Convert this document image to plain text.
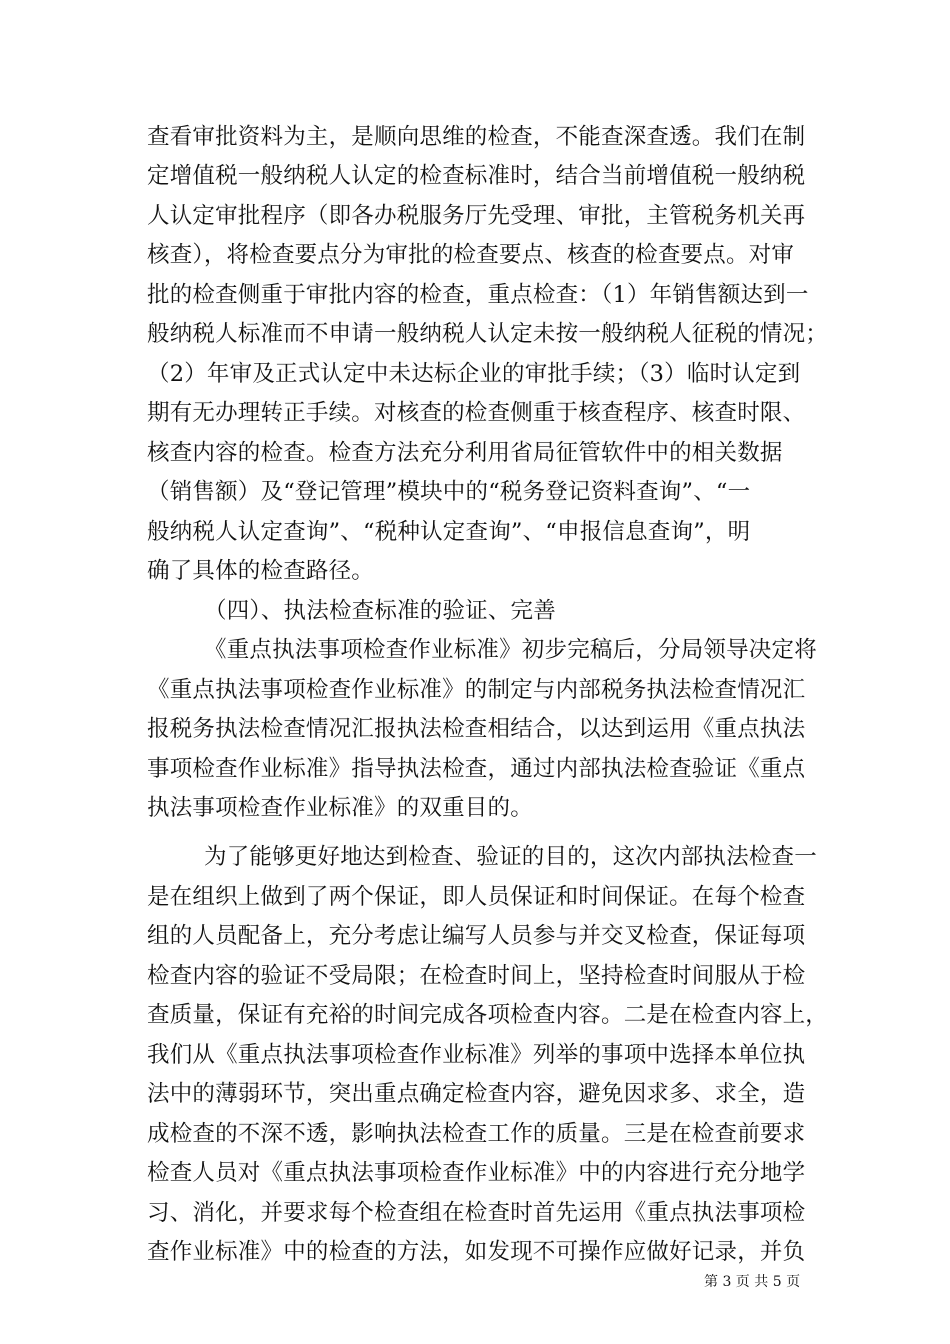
查看审批资料为主，是顺向思维的检查，不能查深查透。我们在制
定增值税一般纳税人认定的检查标准时，结合当前增值税一般纳税
人认定审批程序（即各办税服务厅先受理、审批，主管税务机关再
核查），将检查要点分为审批的检查要点、核查的检查要点。对审
批的检查侧重于审批内容的检查，重点检查：（1）年销售额达到一
般纳税人标准而不申请一般纳税人认定未按一般纳税人征税的情况；
（2）年审及正式认定中未达标企业的审批手续；（3）临时认定到
期有无办理转正手续。对核查的检查侧重于核查程序、核查时限、
核查内容的检查。检查方法充分利用省局征管软件中的相关数据
（销售额）及“登记管理”模块中的“税务登记资料查询”、“一
般纳税人认定查询”、“税种认定查询”、“申报信息查询”，明
确了具体的检查路径。
（四）、执法检查标准的验证、完善
《重点执法事项检查作业标准》初步完稿后，分局领导决定将
《重点执法事项检查作业标准》的制定与内部税务执法检查情况汇
报税务执法检查情况汇报执法检查相结合，以达到运用《重点执法
事项检查作业标准》指导执法检查，通过内部执法检查验证《重点
执法事项检查作业标准》的双重目的。
为了能够更好地达到检查、验证的目的，这次内部执法检查一
是在组织上做到了两个保证，即人员保证和时间保证。在每个检查
组的人员配备上，充分考虑让编写人员参与并交叉检查，保证每项
检查内容的验证不受局限；在检查时间上，坚持检查时间服从于检
查质量，保证有充裕的时间完成各项检查内容。二是在检查内容上，
我们从《重点执法事项检查作业标准》列举的事项中选择本单位执
法中的薄弱环节，突出重点确定检查内容，避免因求多、求全，造
成检查的不深不透，影响执法检查工作的质量。三是在检查前要求
检查人员对《重点执法事项检查作业标准》中的内容进行充分地学
习、消化，并要求每个检查组在检查时首先运用《重点执法事项检
查作业标准》中的检查的方法，如发现不可操作应做好记录，并负
第 3 页 共 5 页
